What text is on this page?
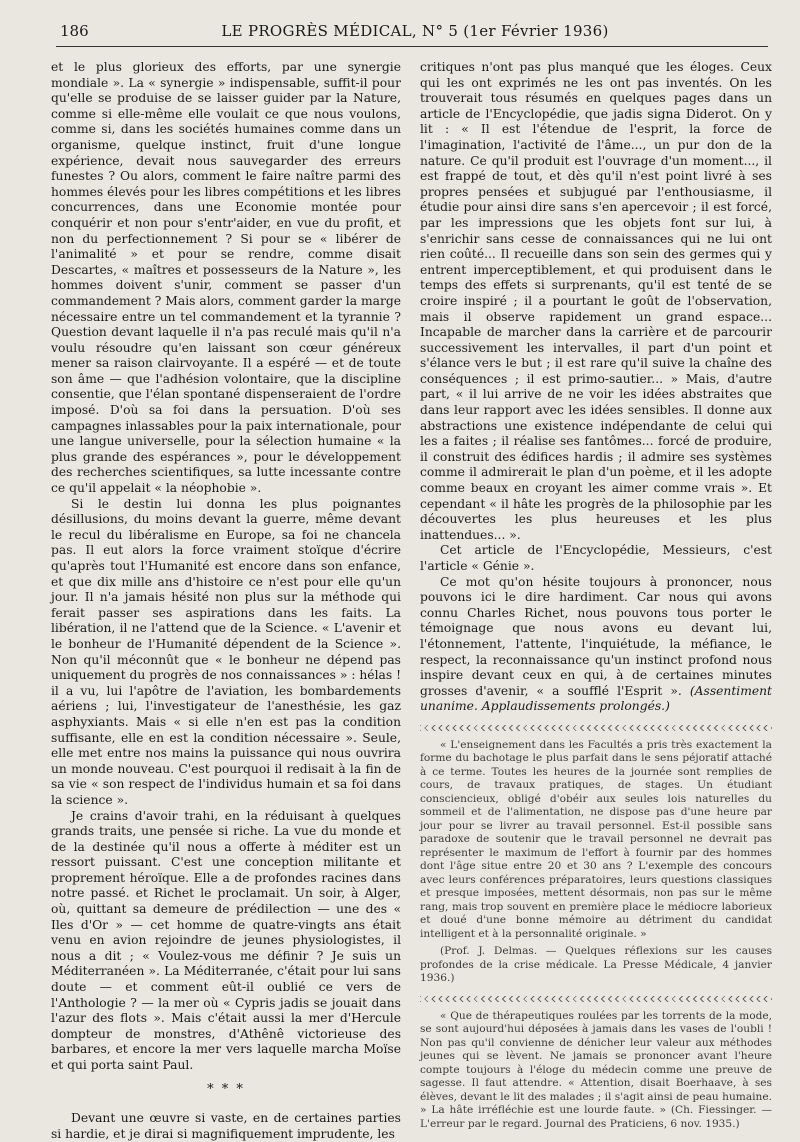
186	LE PROGRÈS MÉDICAL, N° 5 (1er Février 1936)

et le plus glorieux des efforts, par une synergie mondiale ». La « synergie » indispensable, suffit-il pour qu'elle se produise de se laisser guider par la Nature, comme si elle-même elle voulait ce que nous voulons, comme si, dans les sociétés humaines comme dans un organisme, quelque instinct, fruit d'une longue expérience, devait nous sauvegarder des erreurs funestes ? Ou alors, comment le faire naître parmi des hommes élevés pour les libres compétitions et les libres concurrences, dans une Economie montée pour conquérir et non pour s'entr'aider, en vue du profit, et non du perfectionnement ? Si pour se « libérer de l'animalité » et pour se rendre, comme disait Descartes, « maîtres et possesseurs de la Nature », les hommes doivent s'unir, comment se passer d'un commandement ? Mais alors, comment garder la marge nécessaire entre un tel commandement et la tyrannie ? Question devant laquelle il n'a pas reculé mais qu'il n'a voulu résoudre qu'en laissant son cœur généreux mener sa raison clairvoyante. Il a espéré — et de toute son âme — que l'adhésion volontaire, que la discipline consentie, que l'élan spontané dispenseraient de l'ordre imposé. D'où sa foi dans la persuation. D'où ses campagnes inlassables pour la paix internationale, pour une langue universelle, pour la sélection humaine « la plus grande des espérances », pour le développement des recherches scientifiques, sa lutte incessante contre ce qu'il appelait « la néophobie ».

Si le destin lui donna les plus poignantes désillusions, du moins devant la guerre, même devant le recul du libéralisme en Europe, sa foi ne chancela pas. Il eut alors la force vraiment stoïque d'écrire qu'après tout l'Humanité est encore dans son enfance, et que dix mille ans d'histoire ce n'est pour elle qu'un jour. Il n'a jamais hésité non plus sur la méthode qui ferait passer ses aspirations dans les faits. La libération, il ne l'attend que de la Science. « L'avenir et le bonheur de l'Humanité dépendent de la Science ». Non qu'il méconnût que « le bonheur ne dépend pas uniquement du progrès de nos connaissances » : hélas ! il a vu, lui l'apôtre de l'aviation, les bombardements aériens ; lui, l'investigateur de l'anesthésie, les gaz asphyxiants. Mais « si elle n'en est pas la condition suffisante, elle en est la condition nécessaire ». Seule, elle met entre nos mains la puissance qui nous ouvrira un monde nouveau. C'est pourquoi il redisait à la fin de sa vie « son respect de l'individus humain et sa foi dans la science ».

Je crains d'avoir trahi, en la réduisant à quelques grands traits, une pensée si riche. La vue du monde et de la destinée qu'il nous a offerte à méditer est un ressort puissant. C'est une conception militante et proprement héroïque. Elle a de profondes racines dans notre passé. et Richet le proclamait. Un soir, à Alger, où, quittant sa demeure de prédilection — une des « Iles d'Or » — cet homme de quatre-vingts ans était venu en avion rejoindre de jeunes physiologistes, il nous a dit ; « Voulez-vous me définir ? Je suis un Méditerranéen ». La Méditerranée, c'était pour lui sans doute — et comment eût-il oublié ce vers de l'Anthologie ? — la mer où « Cypris jadis se jouait dans l'azur des flots ». Mais c'était aussi la mer d'Hercule dompteur de monstres, d'Athênê victorieuse des barbares, et encore la mer vers laquelle marcha Moïse et qui porta saint Paul.

* * *

Devant une œuvre si vaste, en de certaines parties si hardie, et je dirai si magnifiquement imprudente, les

critiques n'ont pas plus manqué que les éloges. Ceux qui les ont exprimés ne les ont pas inventés. On les trouverait tous résumés en quelques pages dans un article de l'Encyclopédie, que jadis signa Diderot. On y lit : « Il est l'étendue de l'esprit, la force de l'imagination, l'activité de l'âme..., un pur don de la nature. Ce qu'il produit est l'ouvrage d'un moment..., il est frappé de tout, et dès qu'il n'est point livré à ses propres pensées et subjugué par l'enthousiasme, il étudie pour ainsi dire sans s'en apercevoir ; il est forcé, par les impressions que les objets font sur lui, à s'enrichir sans cesse de connaissances qui ne lui ont rien coûté... Il recueille dans son sein des germes qui y entrent imperceptiblement, et qui produisent dans le temps des effets si surprenants, qu'il est tenté de se croire inspiré ; il a pourtant le goût de l'observation, mais il observe rapidement un grand espace... Incapable de marcher dans la carrière et de parcourir successivement les intervalles, il part d'un point et s'élance vers le but ; il est rare qu'il suive la chaîne des conséquences ; il est primo-sautier... » Mais, d'autre part, « il lui arrive de ne voir les idées abstraites que dans leur rapport avec les idées sensibles. Il donne aux abstractions une existence indépendante de celui qui les a faites ; il réalise ses fantômes... forcé de produire, il construit des édifices hardis ; il admire ses systèmes comme il admirerait le plan d'un poème, et il les adopte comme beaux en croyant les aimer comme vrais ». Et cependant « il hâte les progrès de la philosophie par les découvertes les plus heureuses et les plus inattendues... ».

Cet article de l'Encyclopédie, Messieurs, c'est l'article « Génie ».

Ce mot qu'on hésite toujours à prononcer, nous pouvons ici le dire hardiment. Car nous qui avons connu Charles Richet, nous pouvons tous porter le témoignage que nous avons eu devant lui, l'étonnement, l'attente, l'inquiétude, la méfiance, le respect, la reconnaissance qu'un instinct profond nous inspire devant ceux en qui, à de certaines minutes grosses d'avenir, « a soufflé l'Esprit ». (Assentiment unanime. Applaudissements prolongés.)

« L'enseignement dans les Facultés a pris très exactement la forme du bachotage le plus parfait dans le sens péjoratif attaché à ce terme. Toutes les heures de la journée sont remplies de cours, de travaux pratiques, de stages. Un étudiant consciencieux, obligé d'obéir aux seules lois naturelles du sommeil et de l'alimentation, ne dispose pas d'une heure par jour pour se livrer au travail personnel. Est-il possible sans paradoxe de soutenir que le travail personnel ne devrait pas représenter le maximum de l'effort à fournir par des hommes dont l'âge situe entre 20 et 30 ans ? L'exemple des concours avec leurs conférences préparatoires, leurs questions classiques et presque imposées, mettent désormais, non pas sur le même rang, mais trop souvent en première place le médiocre laborieux et doué d'une bonne mémoire au détriment du candidat intelligent et à la personnalité originale. »

(Prof. J. Delmas. — Quelques réflexions sur les causes profondes de la crise médicale. La Presse Médicale, 4 janvier 1936.)

« Que de thérapeutiques roulées par les torrents de la mode, se sont aujourd'hui déposées à jamais dans les vases de l'oubli ! Non pas qu'il convienne de dénicher leur valeur aux méthodes jeunes qui se lèvent. Ne jamais se prononcer avant l'heure compte toujours à l'éloge du médecin comme une preuve de sagesse. Il faut attendre. « Attention, disait Boerhaave, à ses élèves, devant le lit des malades ; il s'agit ainsi de peau humaine. » La hâte irréfléchie est une lourde faute. » (Ch. Fiessinger. — L'erreur par le regard. Journal des Praticiens, 6 nov. 1935.)
